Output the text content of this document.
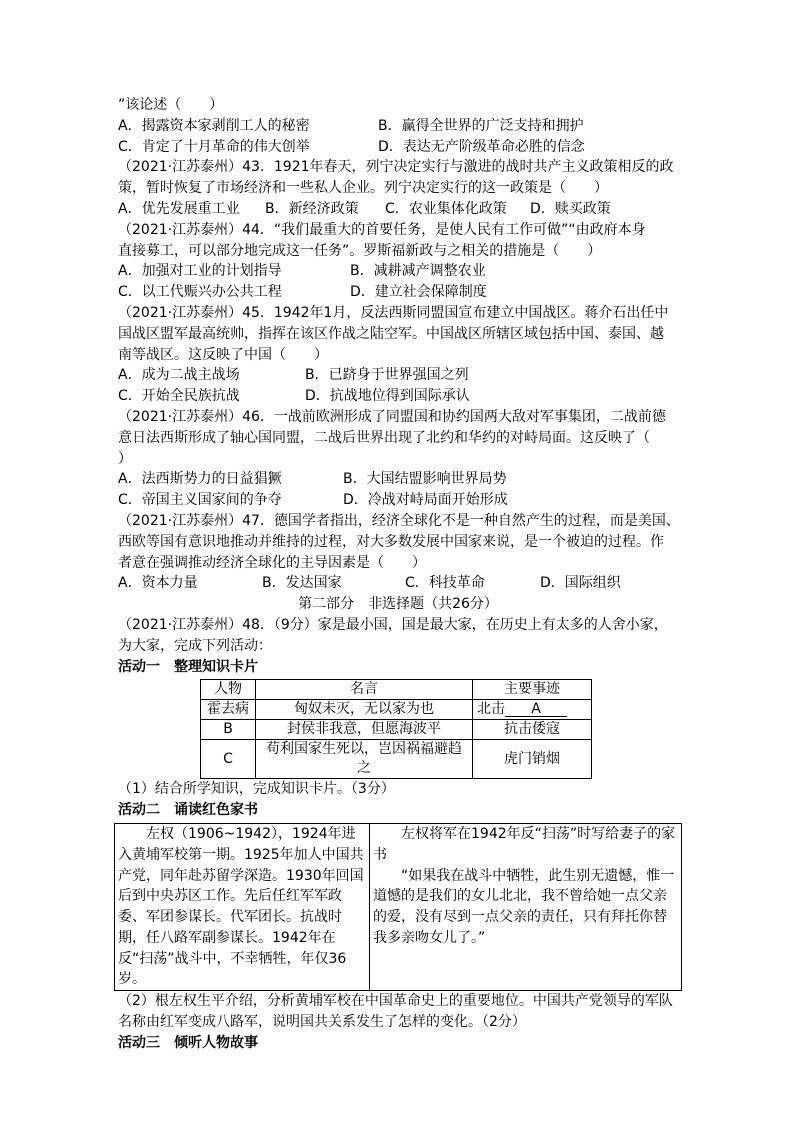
”该论述（　　）
A．揭露资本家剥削工人的秘密	B．赢得全世界的广泛支持和拥护
C．肯定了十月革命的伟大创举	D．表达无产阶级革命必胜的信念
（2021·江苏泰州）43．1921年春天，列宁决定实行与激进的战时共产主义政策相反的政
策，暂时恢复了市场经济和一些私人企业。列宁决定实行的这一政策是（　　）
A．优先发展重工业 B．新经济政策 C．农业集体化政策 D．赎买政策
（2021·江苏泰州）44．“我们最重大的首要任务，是使人民有工作可做”“由政府本身
直接募工，可以部分地完成这一任务”。罗斯福新政与之相关的措施是（　　）
A．加强对工业的计划指导	B．减耕减产调整农业
C．以工代赈兴办公共工程	D．建立社会保障制度
（2021·江苏泰州）45．1942年1月，反法西斯同盟国宣布建立中国战区。蒋介石出任中
国战区盟军最高统帅，指挥在该区作战之陆空军。中国战区所辖区域包括中国、泰国、越
南等战区。这反映了中国（　　）
A．成为二战主战场	B．已跻身于世界强国之列
C．开始全民族抗战	D．抗战地位得到国际承认
（2021·江苏泰州）46．一战前欧洲形成了同盟国和协约国两大敌对军事集团，二战前德
意日法西斯形成了轴心国同盟，二战后世界出现了北约和华约的对峙局面。这反映了（
）
A．法西斯势力的日益猖獗	B．大国结盟影响世界局势
C．帝国主义国家间的争夺	D．冷战对峙局面开始形成
（2021·江苏泰州）47．德国学者指出，经济全球化不是一种自然产生的过程，而是美国、
西欧等国有意识地推动并维持的过程，对大多数发展中国家来说，是一个被迫的过程。作
者意在强调推动经济全球化的主导因素是（　　）
A．资本力量	B．发达国家	C．科技革命	D．国际组织
第二部分　非选择题（共26分）
（2021·江苏泰州）48．（9分）家是最小国，国是最大家，在历史上有太多的人舍小家，
为大家，完成下列活动：
活动一　整理知识卡片
人物	名言	主要事迹
霍去病	匈奴未灭，无以家为也	北击 A
B	封侯非我意，但愿海波平	抗击倭寇
C	苟利国家生死以，岂因祸福避趋之	虎门销烟
（1）结合所学知识，完成知识卡片。（3分）
活动二　诵读红色家书

左权（1906~1942），1924年进入黄埔军校第一期。1925年加人中国共产党，同年赴苏留学深造。1930年回国后到中央苏区工作。先后任红军军政委、军团参谋长。代军团长。抗战时期，任八路军副参谋长。1942年在反“扫荡”战斗中，不幸牺牲，年仅36岁。

左权将军在1942年反“扫荡”时写给妻子的家书

“如果我在战斗中牺牲，此生别无遗憾，惟一道憾的是我们的女儿北北，我不曾给她一点父亲的爱，没有尽到一点父亲的责任，只有拜托你替我多亲吻女儿了。”

（2）根左权生平介绍，分析黄埔军校在中国革命史上的重要地位。中国共产党领导的军队
名称由红军变成八路军，说明国共关系发生了怎样的变化。（2分）
活动三　倾听人物故事
